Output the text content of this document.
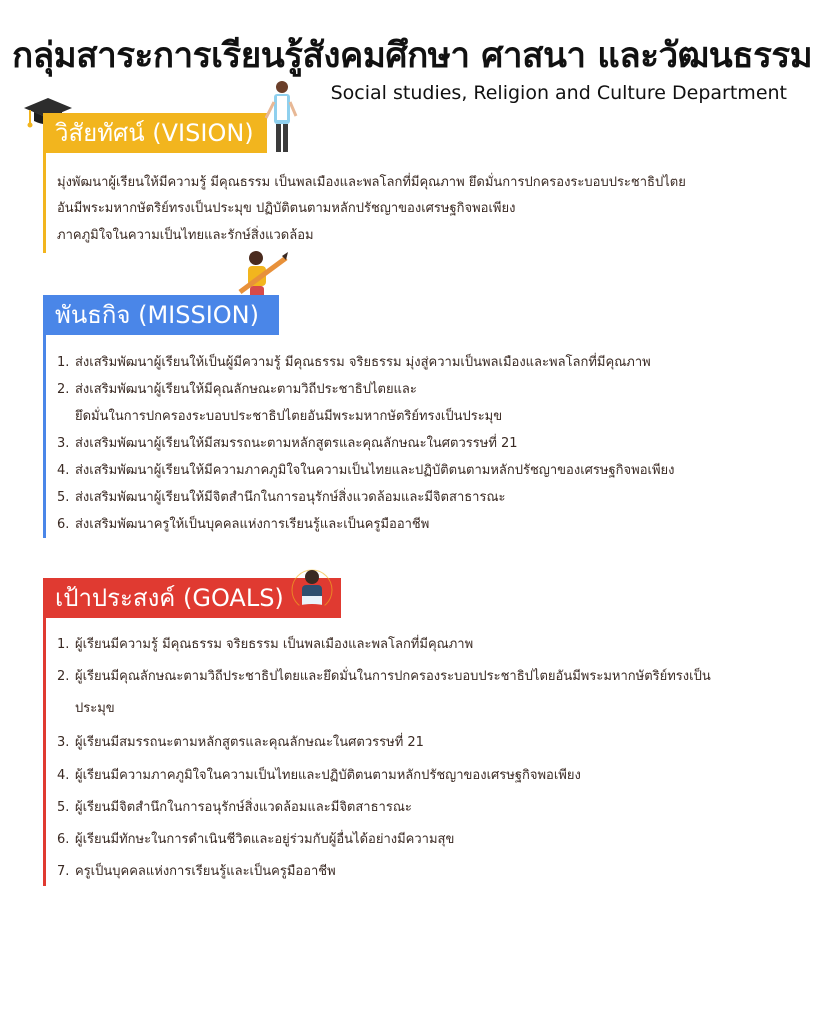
กลุ่มสาระการเรียนรู้สังคมศึกษา ศาสนา และวัฒนธรรม
Social studies, Religion and Culture Department
วิสัยทัศน์ (VISION)
มุ่งพัฒนาผู้เรียนให้มีความรู้ มีคุณธรรม เป็นพลเมืองและพลโลกที่มีคุณภาพ ยึดมั่นการปกครองระบอบประชาธิปไตย
อันมีพระมหากษัตริย์ทรงเป็นประมุข ปฏิบัติตนตามหลักปรัชญาของเศรษฐกิจพอเพียง
ภาคภูมิใจในความเป็นไทยและรักษ์สิ่งแวดล้อม
พันธกิจ (MISSION)
1. ส่งเสริมพัฒนาผู้เรียนให้เป็นผู้มีความรู้ มีคุณธรรม จริยธรรม มุ่งสู่ความเป็นพลเมืองและพลโลกที่มีคุณภาพ
2. ส่งเสริมพัฒนาผู้เรียนให้มีคุณลักษณะตามวิถีประชาธิปไตยและ
ยึดมั่นในการปกครองระบอบประชาธิปไตยอันมีพระมหากษัตริย์ทรงเป็นประมุข
3. ส่งเสริมพัฒนาผู้เรียนให้มีสมรรถนะตามหลักสูตรและคุณลักษณะในศตวรรษที่ 21
4. ส่งเสริมพัฒนาผู้เรียนให้มีความภาคภูมิใจในความเป็นไทยและปฏิบัติตนตามหลักปรัชญาของเศรษฐกิจพอเพียง
5. ส่งเสริมพัฒนาผู้เรียนให้มีจิตสำนึกในการอนุรักษ์สิ่งแวดล้อมและมีจิตสาธารณะ
6. ส่งเสริมพัฒนาครูให้เป็นบุคคลแห่งการเรียนรู้และเป็นครูมืออาชีพ
เป้าประสงค์ (GOALS)
1. ผู้เรียนมีความรู้ มีคุณธรรม จริยธรรม เป็นพลเมืองและพลโลกที่มีคุณภาพ
2. ผู้เรียนมีคุณลักษณะตามวิถีประชาธิปไตยและยึดมั่นในการปกครองระบอบประชาธิปไตยอันมีพระมหากษัตริย์ทรงเป็น
ประมุข
3. ผู้เรียนมีสมรรถนะตามหลักสูตรและคุณลักษณะในศตวรรษที่ 21
4. ผู้เรียนมีความภาคภูมิใจในความเป็นไทยและปฏิบัติตนตามหลักปรัชญาของเศรษฐกิจพอเพียง
5. ผู้เรียนมีจิตสำนึกในการอนุรักษ์สิ่งแวดล้อมและมีจิตสาธารณะ
6. ผู้เรียนมีทักษะในการดำเนินชีวิตและอยู่ร่วมกับผู้อื่นได้อย่างมีความสุข
7. ครูเป็นบุคคลแห่งการเรียนรู้และเป็นครูมืออาชีพ
